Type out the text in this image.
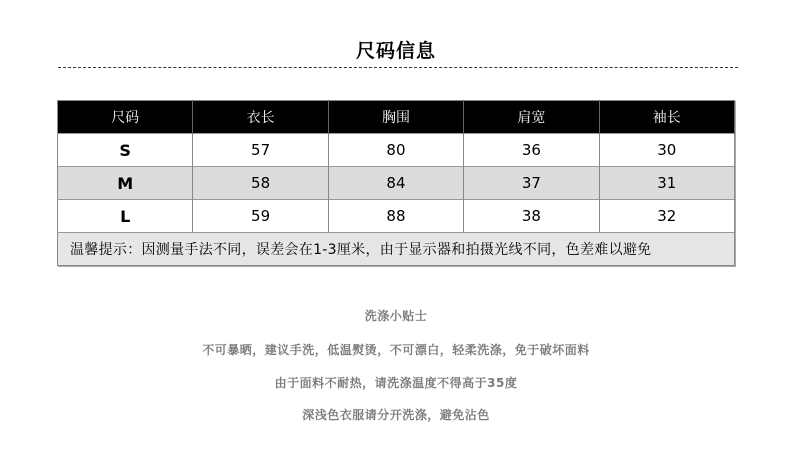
尺码信息
尺码	衣长	胸围	肩宽	袖长
S	57	80	36	30
M	58	84	37	31
L	59	88	38	32
温馨提示：因测量手法不同，误差会在1-3厘米，由于显示器和拍摄光线不同，色差难以避免				
洗涤小贴士
不可暴晒，建议手洗，低温熨烫，不可漂白，轻柔洗涤，免于破坏面料
由于面料不耐热，请洗涤温度不得高于35度
深浅色衣服请分开洗涤，避免沾色
